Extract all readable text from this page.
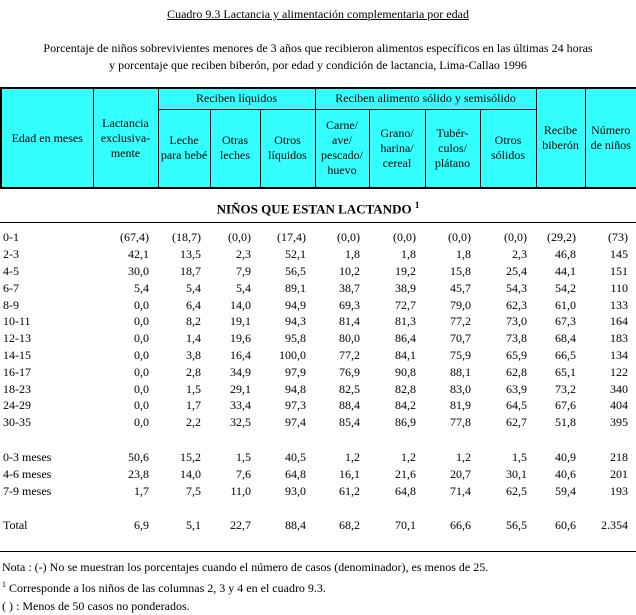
Cuadro 9.3 Lactancia y alimentación complementaria por edad
Porcentaje de niños sobrevivientes menores de 3 años que recibieron alimentos específicos en las últimas 24 horas
y porcentaje que reciben biberón, por edad y condición de lactancia, Lima-Callao 1996
Edad en meses	Lactancia exclusiva-mente	Reciben líquidos			Reciben alimento sólido y semisólido				Recibe biberón	Número de niños
		Leche para bebé	Otras leches	Otros líquidos	Carne/ ave/ pescado/ huevo	Grano/ harina/ cereal	Tubér-culos/ plátano	Otros sólidos		
NIÑOS QUE ESTAN LACTANDO $^1$
0-1	(67,4)	(18,7)	(0,0)	(17,4)	(0,0)	(0,0)	(0,0)	(0,0)	(29,2)	(73)
2-3	42,1	13,5	2,3	52,1	1,8	1,8	1,8	2,3	46,8	145
4-5	30,0	18,7	7,9	56,5	10,2	19,2	15,8	25,4	44,1	151
6-7	5,4	5,4	5,4	89,1	38,7	38,9	45,7	54,3	54,2	110
8-9	0,0	6,4	14,0	94,9	69,3	72,7	79,0	62,3	61,0	133
10-11	0,0	8,2	19,1	94,3	81,4	81,3	77,2	73,0	67,3	164
12-13	0,0	1,4	19,6	95,8	80,0	86,4	70,7	73,8	68,4	183
14-15	0,0	3,8	16,4	100,0	77,2	84,1	75,9	65,9	66,5	134
16-17	0,0	2,8	34,9	97,9	76,9	90,8	88,1	62,8	65,1	122
18-23	0,0	1,5	29,1	94,8	82,5	82,8	83,0	63,9	73,2	340
24-29	0,0	1,7	33,4	97,3	88,4	84,2	81,9	64,5	67,6	404
30-35	0,0	2,2	32,5	97,4	85,4	86,9	77,8	62,7	51,8	395

0-3 meses	50,6	15,2	1,5	40,5	1,2	1,2	1,2	1,5	40,9	218
4-6 meses	23,8	14,0	7,6	64,8	16,1	21,6	20,7	30,1	40,6	201
7-9 meses	1,7	7,5	11,0	93,0	61,2	64,8	71,4	62,5	59,4	193

Total	6,9	5,1	22,7	88,4	68,2	70,1	66,6	56,5	60,6	2.354
Nota : (-) No se muestran los porcentajes cuando el número de casos (denominador), es menos de 25.
$^1$ Corresponde a los niños de las columnas 2, 3 y 4 en el cuadro 9.3.
( ) : Menos de 50 casos no ponderados.
